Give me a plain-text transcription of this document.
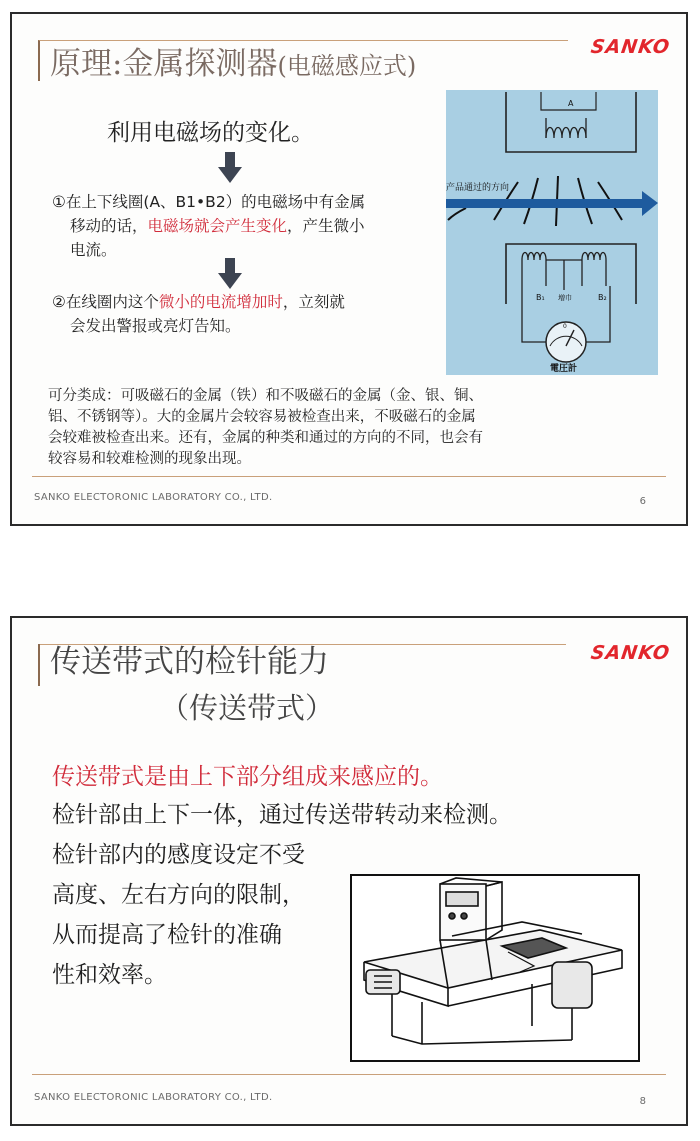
原理:金属探测器(电磁感应式)
SANKO
利用电磁场的变化。
①在上下线圈(A、B1•B2）的电磁场中有金属
移动的话，电磁场就会产生变化，产生微小
电流。
②在线圈内这个微小的电流增加时，立刻就
会发出警报或亮灯告知。
A
产品通过的方向
B₁	B₂
増巾
0
電圧計
可分类成：可吸磁石的金属（铁）和不吸磁石的金属（金、银、铜、
铝、不锈钢等）。大的金属片会较容易被检查出来，不吸磁石的金属
会较难被检查出来。还有，金属的种类和通过的方向的不同，也会有
较容易和较难检测的现象出现。
SANKO ELECTORONIC LABORATORY CO., LTD.	6
传送带式的检针能力
（传送带式）
SANKO
传送带式是由上下部分组成来感应的。
检针部由上下一体，通过传送带转动来检测。
检针部内的感度设定不受
高度、左右方向的限制，
从而提高了检针的准确
性和效率。
SANKO ELECTORONIC LABORATORY CO., LTD.	8
